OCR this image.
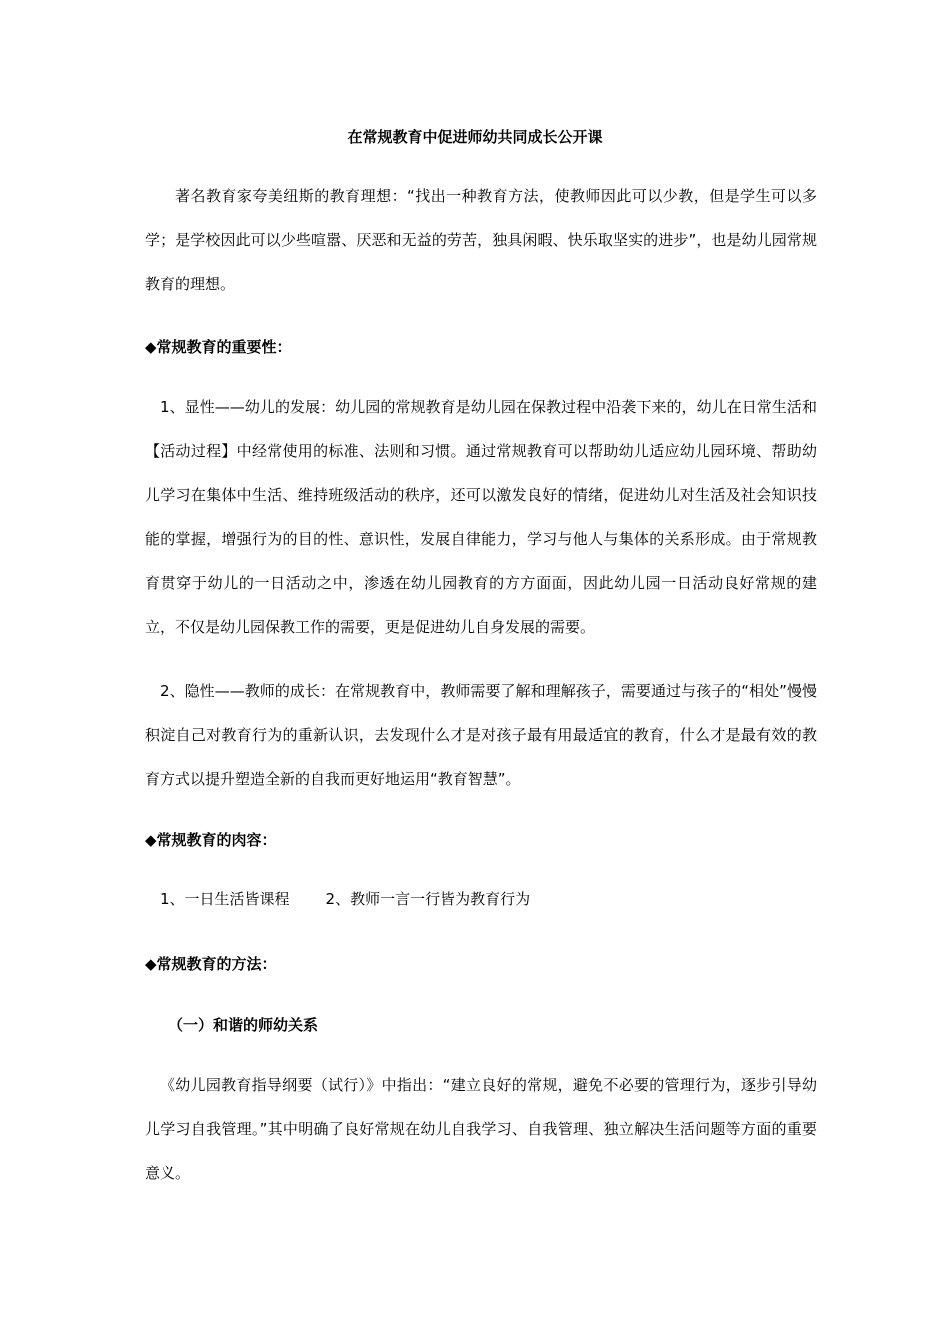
在常规教育中促进师幼共同成长公开课

著名教育家夸美纽斯的教育理想：“找出一种教育方法，使教师因此可以少教，但是学生可以多学；是学校因此可以少些喧嚣、厌恶和无益的劳苦，独具闲暇、快乐取坚实的进步”，也是幼儿园常规教育的理想。

◆常规教育的重要性：

1、显性——幼儿的发展：幼儿园的常规教育是幼儿园在保教过程中沿袭下来的，幼儿在日常生活和【活动过程】中经常使用的标准、法则和习惯。通过常规教育可以帮助幼儿适应幼儿园环境、帮助幼儿学习在集体中生活、维持班级活动的秩序，还可以激发良好的情绪，促进幼儿对生活及社会知识技能的掌握，增强行为的目的性、意识性，发展自律能力，学习与他人与集体的关系形成。由于常规教育贯穿于幼儿的一日活动之中，渗透在幼儿园教育的方方面面，因此幼儿园一日活动良好常规的建立，不仅是幼儿园保教工作的需要，更是促进幼儿自身发展的需要。

2、隐性——教师的成长：在常规教育中，教师需要了解和理解孩子，需要通过与孩子的“相处”慢慢积淀自己对教育行为的重新认识，去发现什么才是对孩子最有用最适宜的教育，什么才是最有效的教育方式以提升塑造全新的自我而更好地运用“教育智慧”。

◆常规教育的肉容：

1、一日生活皆课程 2、教师一言一行皆为教育行为

◆常规教育的方法：

（一）和谐的师幼关系

《幼儿园教育指导纲要（试行）》中指出：“建立良好的常规，避免不必要的管理行为，逐步引导幼儿学习自我管理。”其中明确了良好常规在幼儿自我学习、自我管理、独立解决生活问题等方面的重要意义。
